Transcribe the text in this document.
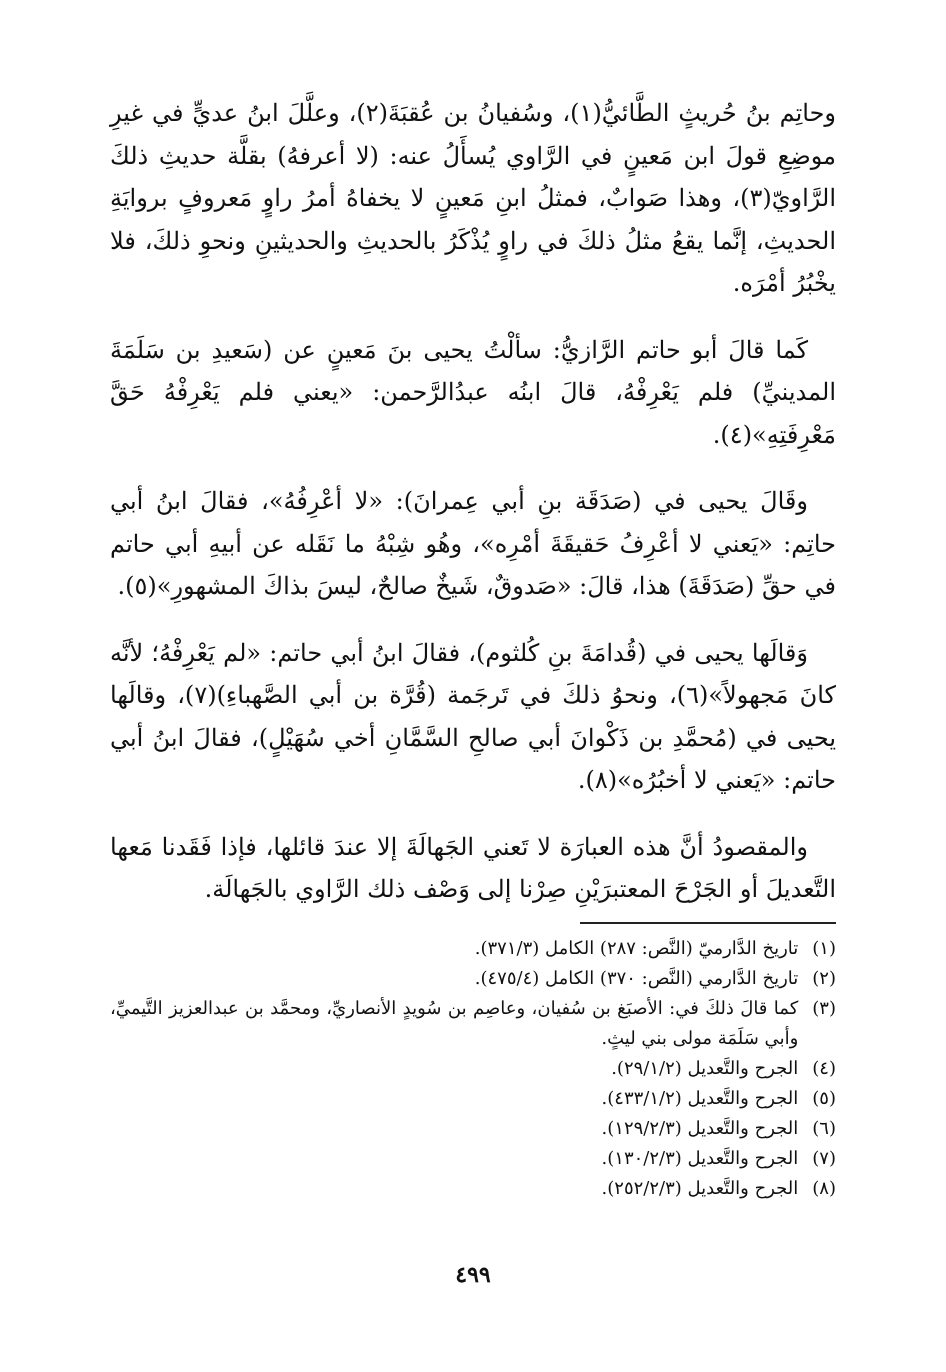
وحاتِم بنُ حُريثٍ الطَّائيُّ(١)، وسُفيانُ بن عُقبَةَ(٢)، وعلَّلَ ابنُ عديٍّ في غيرِ موضِعِ قولَ ابن مَعينٍ في الرَّاوي يُسأَلُ عنه: (لا أعرفهُ) بقلَّة حديثِ ذلكَ الرَّاويّ(٣)، وهذا صَوابٌ، فمثلُ ابنِ مَعينٍ لا يخفاهُ أمرُ راوٍ مَعروفٍ بروايَةِ الحديثِ، إنَّما يقعُ مثلُ ذلكَ في راوٍ يُذْكَرُ بالحديثِ والحديثينِ ونحوِ ذلكَ، فلا يخْبُرُ أمْرَه.

كَما قالَ أبو حاتم الرَّازيُّ: سألْتُ يحيى بنَ مَعينٍ عن (سَعيدِ بن سَلَمَةَ المدينيِّ) فلم يَعْرِفْهُ، قالَ ابنُه عبدُالرَّحمن: «يعني فلم يَعْرِفْهُ حَقَّ مَعْرِفَتِهِ»(٤).

وقَالَ يحيى في (صَدَقَة بنِ أبي عِمرانَ): «لا أعْرِفُهُ»، فقالَ ابنُ أبي حاتِم: «يَعني لا أعْرِفُ حَقيقَةَ أمْرِه»، وهُو شِبْهُ ما نَقَله عن أبيهِ أبي حاتم في حقِّ (صَدَقَةَ) هذا، قالَ: «صَدوقٌ، شَيخٌ صالحٌ، ليسَ بذاكَ المشهورِ»(٥).

وَقالَها يحيى في (قُدامَةَ بنِ كُلثوم)، فقالَ ابنُ أبي حاتم: «لم يَعْرِفْهُ؛ لأنَّه كانَ مَجهولاً»(٦)، ونحوُ ذلكَ في تَرجَمة (قُرَّة بن أبي الصَّهباءِ)(٧)، وقالَها يحيى في (مُحمَّدِ بن ذَكْوانَ أبي صالحِ السَّمَّانِ أخي سُهَيْلٍ)، فقالَ ابنُ أبي حاتم: «يَعني لا أخبُرُه»(٨).

والمقصودُ أنَّ هذه العبارَة لا تَعني الجَهالَةَ إلا عندَ قائلها، فإذا فَقَدنا مَعها التَّعديلَ أو الجَرْحَ المعتبرَيْنِ صِرْنا إلى وَصْف ذلك الرَّاوي بالجَهالَة.

(١)
تاريخ الدَّارميّ (النَّص: ٢٨٧) الكامل (٣٧١/٣).
(٢)
تاريخ الدَّارمي (النَّص: ٣٧٠) الكامل (٤٧٥/٤).
(٣)
كما قالَ ذلكَ في: الأصبَغ بن سُفيان، وعاصِم بن سُويدٍ الأنصاريِّ، ومحمَّد بن عبدالعزيز التَّيميِّ، وأبي سَلَمَة مولى بني ليثٍ.
(٤)
الجرح والتَّعديل (٢٩/١/٢).
(٥)
الجرح والتَّعديل (٤٣٣/١/٢).
(٦)
الجرح والتَّعديل (١٢٩/٢/٣).
(٧)
الجرح والتَّعديل (١٣٠/٢/٣).
(٨)
الجرح والتَّعديل (٢٥٢/٢/٣).
٤٩٩
